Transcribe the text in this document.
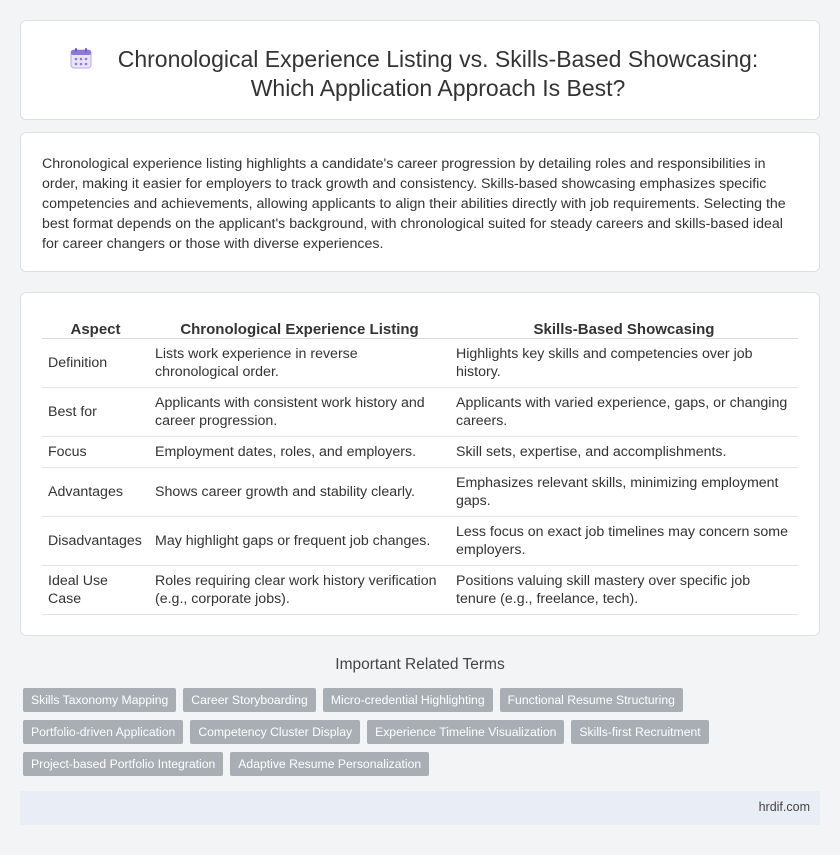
Chronological Experience Listing vs. Skills-Based Showcasing: Which Application Approach Is Best?

Chronological experience listing highlights a candidate's career progression by detailing roles and responsibilities in order, making it easier for employers to track growth and consistency. Skills-based showcasing emphasizes specific competencies and achievements, allowing applicants to align their abilities directly with job requirements. Selecting the best format depends on the applicant's background, with chronological suited for steady careers and skills-based ideal for career changers or those with diverse experiences.

Aspect	Chronological Experience Listing	Skills-Based Showcasing
Definition	Lists work experience in reverse chronological order.	Highlights key skills and competencies over job history.
Best for	Applicants with consistent work history and career progression.	Applicants with varied experience, gaps, or changing careers.
Focus	Employment dates, roles, and employers.	Skill sets, expertise, and accomplishments.
Advantages	Shows career growth and stability clearly.	Emphasizes relevant skills, minimizing employment gaps.
Disadvantages	May highlight gaps or frequent job changes.	Less focus on exact job timelines may concern some employers.
Ideal Use Case	Roles requiring clear work history verification (e.g., corporate jobs).	Positions valuing skill mastery over specific job tenure (e.g., freelance, tech).
Important Related Terms
Skills Taxonomy Mapping	Career Storyboarding	Micro-credential Highlighting	Functional Resume Structuring
Portfolio-driven Application	Competency Cluster Display	Experience Timeline Visualization	Skills-first Recruitment
Project-based Portfolio Integration	Adaptive Resume Personalization
hrdif.com
